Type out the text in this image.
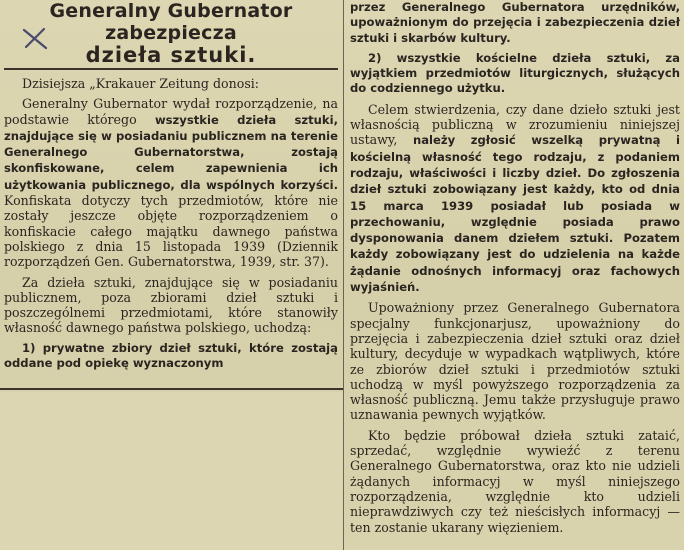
Generalny Gubernator zabezpiecza
dzieła sztuki.

Dzisiejsza „Krakauer Zeitung donosi:

Generalny Gubernator wydał rozporządzenie, na podstawie którego wszystkie dzieła sztuki, znajdujące się w posiadaniu publicznem na terenie Generalnego Gubernatorstwa, zostają skonfiskowane, celem zapewnienia ich użytkowania publicznego, dla wspólnych korzyści. Konfiskata dotyczy tych przedmiotów, które nie zostały jeszcze objęte rozporządzeniem o konfiskacie całego majątku dawnego państwa polskiego z dnia 15 listopada 1939 (Dziennik rozporządzeń Gen. Gubernatorstwa, 1939, str. 37).

Za dzieła sztuki, znajdujące się w posiadaniu publicznem, poza zbiorami dzieł sztuki i poszczególnemi przedmiotami, które stanowiły własność dawnego państwa polskiego, uchodzą:

1) prywatne zbiory dzieł sztuki, które zostają oddane pod opiekę wyznaczonym

przez Generalnego Gubernatora urzędników, upoważnionym do przejęcia i zabezpieczenia dzieł sztuki i skarbów kultury.

2) wszystkie kościelne dzieła sztuki, za wyjątkiem przedmiotów liturgicznych, służących do codziennego użytku.

Celem stwierdzenia, czy dane dzieło sztuki jest własnością publiczną w zrozumieniu niniejszej ustawy, należy zgłosić wszelką prywatną i kościelną własność tego rodzaju, z podaniem rodzaju, właściwości i liczby dzieł. Do zgłoszenia dzieł sztuki zobowiązany jest każdy, kto od dnia 15 marca 1939 posiadał lub posiada w przechowaniu, względnie posiada prawo dysponowania danem dziełem sztuki. Pozatem każdy zobowiązany jest do udzielenia na każde żądanie odnośnych informacyj oraz fachowych wyjaśnień.

Upoważniony przez Generalnego Gubernatora specjalny funkcjonarjusz, upoważniony do przejęcia i zabezpieczenia dzieł sztuki oraz dzieł kultury, decyduje w wypadkach wątpliwych, które ze zbiorów dzieł sztuki i przedmiotów sztuki uchodzą w myśl powyższego rozporządzenia za własność publiczną. Jemu także przysługuje prawo uznawania pewnych wyjątków.

Kto będzie próbował dzieła sztuki zataić, sprzedać, względnie wywieźć z terenu Generalnego Gubernatorstwa, oraz kto nie udzieli żądanych informacyj w myśl niniejszego rozporządzenia, względnie kto udzieli nieprawdziwych czy też nieścisłych informacyj — ten zostanie ukarany więzieniem.
